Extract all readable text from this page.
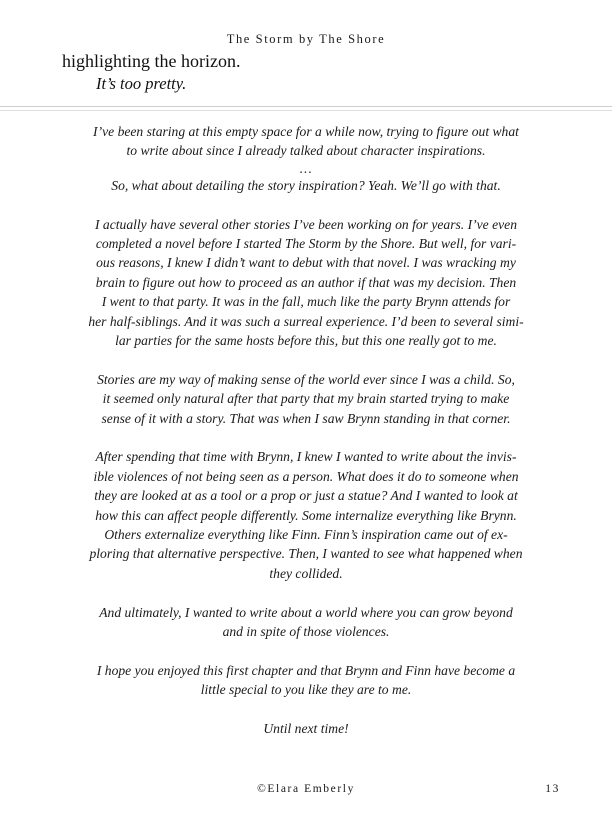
The Storm by The Shore
highlighting the horizon.
It’s too pretty.

I’ve been staring at this empty space for a while now, trying to figure out what
to write about since I already talked about character inspirations.
...
So, what about detailing the story inspiration? Yeah. We’ll go with that.

I actually have several other stories I’ve been working on for years. I’ve even
completed a novel before I started The Storm by the Shore. But well, for vari-
ous reasons, I knew I didn’t want to debut with that novel. I was wracking my
brain to figure out how to proceed as an author if that was my decision. Then
I went to that party. It was in the fall, much like the party Brynn attends for
her half-siblings. And it was such a surreal experience. I’d been to several simi-
lar parties for the same hosts before this, but this one really got to me.

Stories are my way of making sense of the world ever since I was a child. So,
it seemed only natural after that party that my brain started trying to make
sense of it with a story. That was when I saw Brynn standing in that corner.

After spending that time with Brynn, I knew I wanted to write about the invis-
ible violences of not being seen as a person. What does it do to someone when
they are looked at as a tool or a prop or just a statue? And I wanted to look at
how this can affect people differently. Some internalize everything like Brynn.
Others externalize everything like Finn. Finn’s inspiration came out of ex-
ploring that alternative perspective. Then, I wanted to see what happened when
they collided.

And ultimately, I wanted to write about a world where you can grow beyond
and in spite of those violences.

I hope you enjoyed this first chapter and that Brynn and Finn have become a
little special to you like they are to me.

Until next time!

©Elara Emberly	13
